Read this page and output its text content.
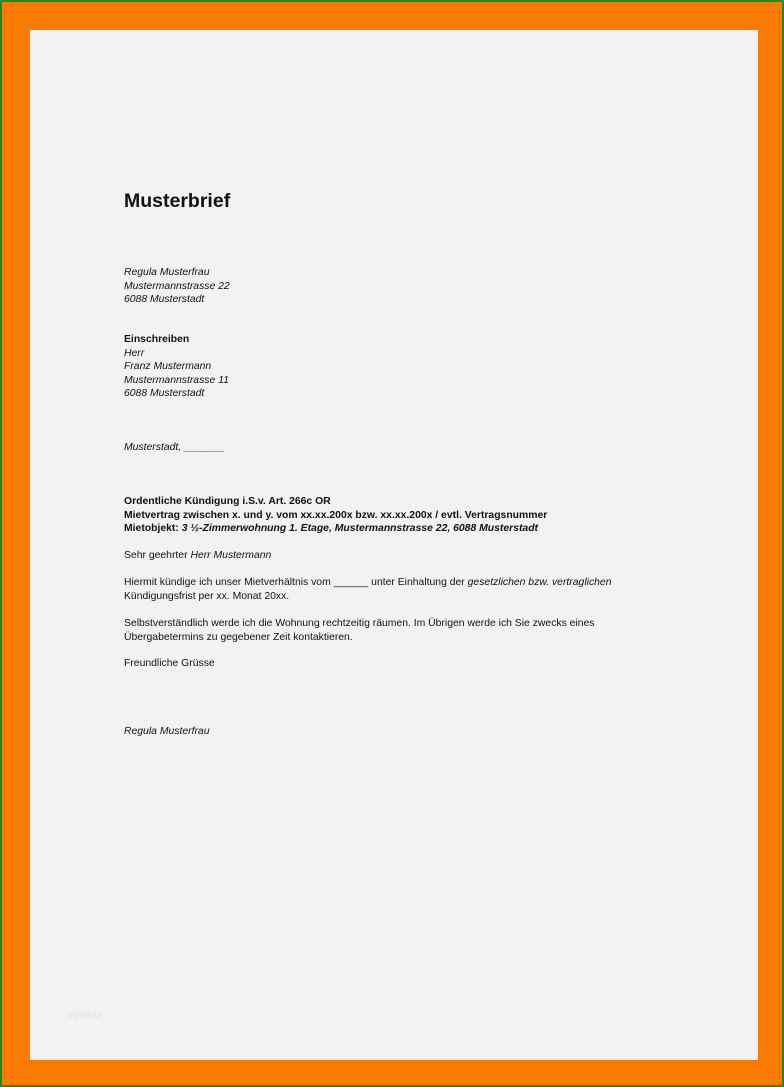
Musterbrief
Regula Musterfrau
Mustermannstrasse 22
6088 Musterstadt
Einschreiben
Herr
Franz Mustermann
Mustermannstrasse 11
6088 Musterstadt
Musterstadt, _______
Ordentliche Kündigung i.S.v. Art. 266c OR
Mietvertrag zwischen x. und y. vom xx.xx.200x bzw. xx.xx.200x / evtl. Vertragsnummer
Mietobjekt: 3 ½-Zimmerwohnung 1. Etage, Mustermannstrasse 22, 6088 Musterstadt
Sehr geehrter Herr Mustermann
Hiermit kündige ich unser Mietverhältnis vom ______ unter Einhaltung der gesetzlichen bzw. vertraglichen
Kündigungsfrist per xx. Monat 20xx.
Selbstverständlich werde ich die Wohnung rechtzeitig räumen. Im Übrigen werde ich Sie zwecks eines
Übergabetermins zu gegebener Zeit kontaktieren.
Freundliche Grüsse
Regula Musterfrau
mymeltz
